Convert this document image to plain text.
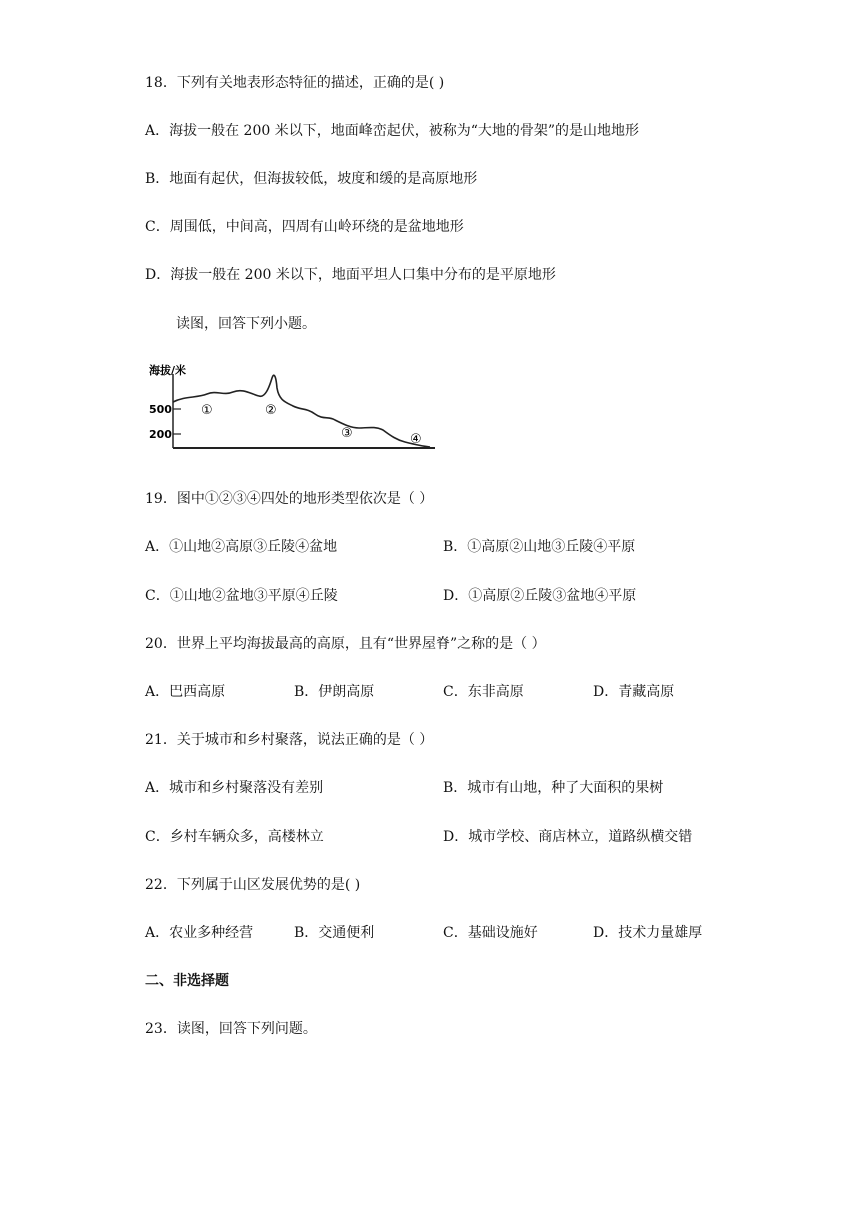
18．下列有关地表形态特征的描述，正确的是( )
A．海拔一般在 200 米以下，地面峰峦起伏，被称为“大地的骨架”的是山地地形
B．地面有起伏，但海拔较低，坡度和缓的是高原地形
C．周围低，中间高，四周有山岭环绕的是盆地地形
D．海拔一般在 200 米以下，地面平坦人口集中分布的是平原地形
读图，回答下列小题。
海拔/米
500
200
①	②
③	④
19．图中①②③④四处的地形类型依次是（ ）
A．①山地②高原③丘陵④盆地	B．①高原②山地③丘陵④平原
C．①山地②盆地③平原④丘陵	D．①高原②丘陵③盆地④平原
20．世界上平均海拔最高的高原，且有“世界屋脊”之称的是（ ）
A．巴西高原	B．伊朗高原	C．东非高原	D．青藏高原
21．关于城市和乡村聚落，说法正确的是（ ）
A．城市和乡村聚落没有差别	B．城市有山地，种了大面积的果树
C．乡村车辆众多，高楼林立	D．城市学校、商店林立，道路纵横交错
22．下列属于山区发展优势的是( )
A．农业多种经营	B．交通便利	C．基础设施好	D．技术力量雄厚
二、非选择题
23．读图，回答下列问题。
